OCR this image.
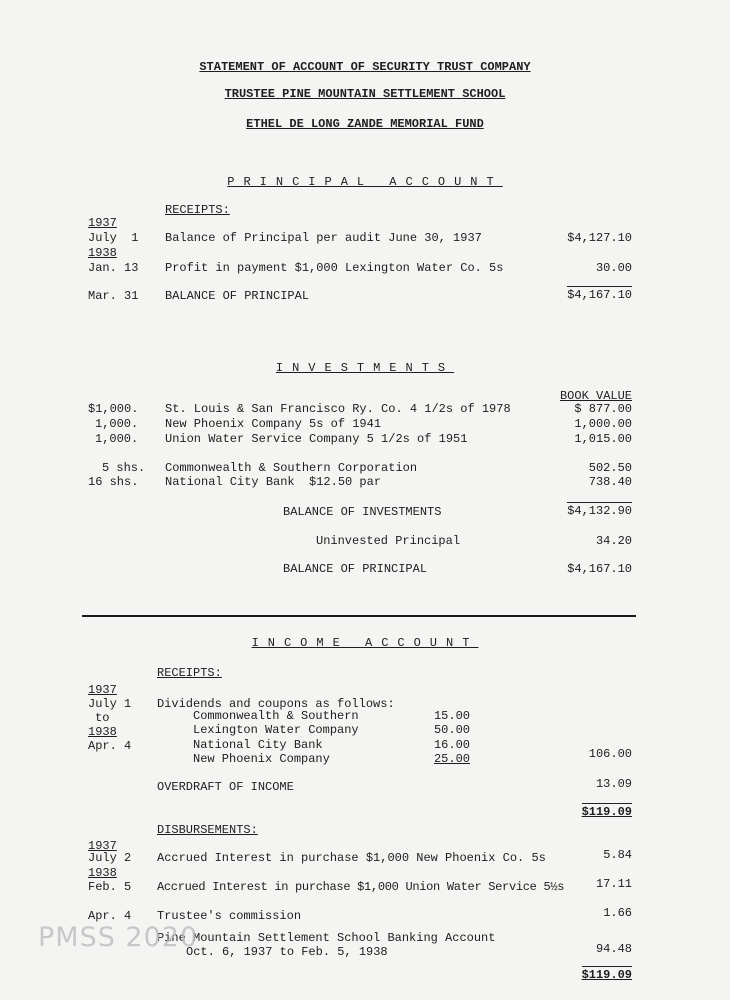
STATEMENT OF ACCOUNT OF SECURITY TRUST COMPANY
TRUSTEE PINE MOUNTAIN SETTLEMENT SCHOOL
ETHEL DE LONG ZANDE MEMORIAL FUND
PRINCIPAL ACCOUNT
RECEIPTS:
1937
July  1 Balance of Principal per audit June 30, 1937	$4,127.10
1938
Jan. 13 Profit in payment $1,000 Lexington Water Co. 5s	30.00
Mar. 31 BALANCE OF PRINCIPAL	$4,167.10
INVESTMENTS
BOOK VALUE
$1,000. St. Louis & San Francisco Ry. Co. 4 1/2s of 1978	$ 877.00
1,000. New Phoenix Company 5s of 1941	1,000.00
1,000. Union Water Service Company 5 1/2s of 1951	1,015.00
5 shs. Commonwealth & Southern Corporation	502.50
16 shs. National City Bank  $12.50 par	738.40
BALANCE OF INVESTMENTS	$4,132.90
Uninvested Principal	34.20
BALANCE OF PRINCIPAL	$4,167.10
INCOME ACCOUNT
RECEIPTS:
1937
July 1
to
1938
Apr. 4
Dividends and coupons as follows:
Commonwealth & Southern	15.00
Lexington Water Company	50.00
National City Bank	16.00
New Phoenix Company	25.00	106.00
OVERDRAFT OF INCOME	13.09
$119.09
DISBURSEMENTS:
1937
July 2 Accrued Interest in purchase $1,000 New Phoenix Co. 5s	5.84
1938
Feb. 5 Accrued Interest in purchase $1,000 Union Water Service 5½s	17.11
Apr. 4 Trustee's commission	1.66
Pine Mountain Settlement School Banking Account
Oct. 6, 1937 to Feb. 5, 1938	94.48
$119.09
PMSS 2020
